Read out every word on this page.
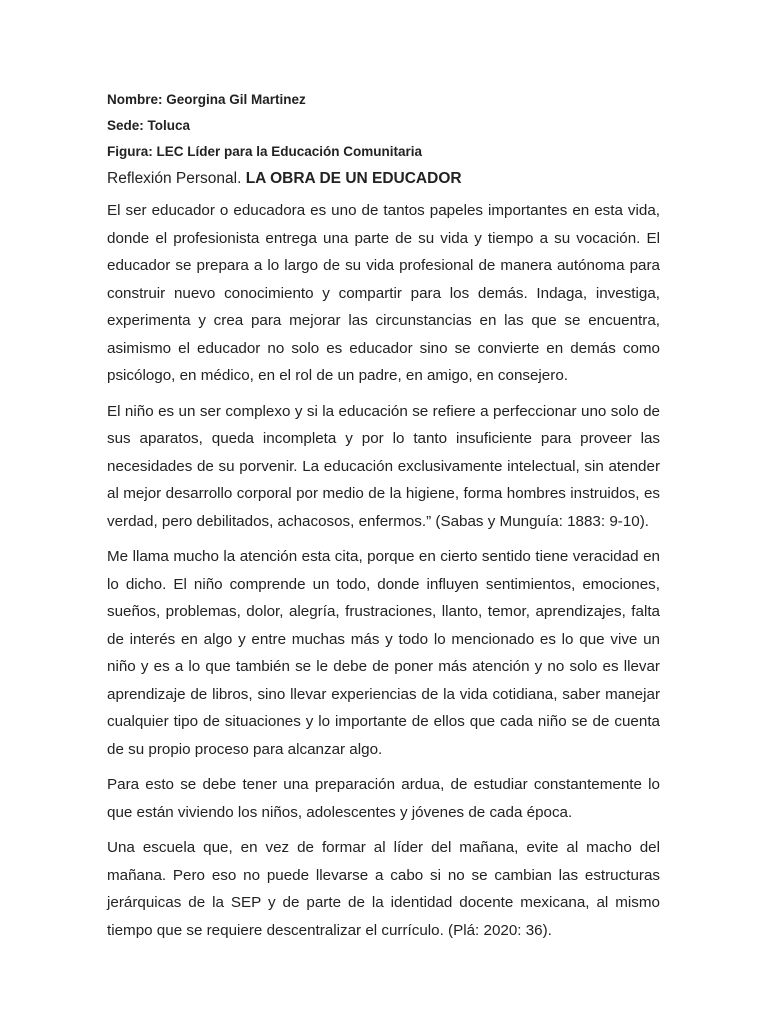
Nombre: Georgina Gil Martinez
Sede: Toluca
Figura: LEC Líder para la Educación Comunitaria
Reflexión Personal. LA OBRA DE UN EDUCADOR

El ser educador o educadora es uno de tantos papeles importantes en esta vida, donde el profesionista entrega una parte de su vida y tiempo a su vocación. El educador se prepara a lo largo de su vida profesional de manera autónoma para construir nuevo conocimiento y compartir para los demás. Indaga, investiga, experimenta y crea para mejorar las circunstancias en las que se encuentra, asimismo el educador no solo es educador sino se convierte en demás como psicólogo, en médico, en el rol de un padre, en amigo, en consejero.

El niño es un ser complexo y si la educación se refiere a perfeccionar uno solo de sus aparatos, queda incompleta y por lo tanto insuficiente para proveer las necesidades de su porvenir. La educación exclusivamente intelectual, sin atender al mejor desarrollo corporal por medio de la higiene, forma hombres instruidos, es verdad, pero debilitados, achacosos, enfermos.” (Sabas y Munguía: 1883: 9-10).

Me llama mucho la atención esta cita, porque en cierto sentido tiene veracidad en lo dicho. El niño comprende un todo, donde influyen sentimientos, emociones, sueños, problemas, dolor, alegría, frustraciones, llanto, temor, aprendizajes, falta de interés en algo y entre muchas más y todo lo mencionado es lo que vive un niño y es a lo que también se le debe de poner más atención y no solo es llevar aprendizaje de libros, sino llevar experiencias de la vida cotidiana, saber manejar cualquier tipo de situaciones y lo importante de ellos que cada niño se de cuenta de su propio proceso para alcanzar algo.

Para esto se debe tener una preparación ardua, de estudiar constantemente lo que están viviendo los niños, adolescentes y jóvenes de cada época.

Una escuela que, en vez de formar al líder del mañana, evite al macho del mañana. Pero eso no puede llevarse a cabo si no se cambian las estructuras jerárquicas de la SEP y de parte de la identidad docente mexicana, al mismo tiempo que se requiere descentralizar el currículo. (Plá: 2020: 36).
